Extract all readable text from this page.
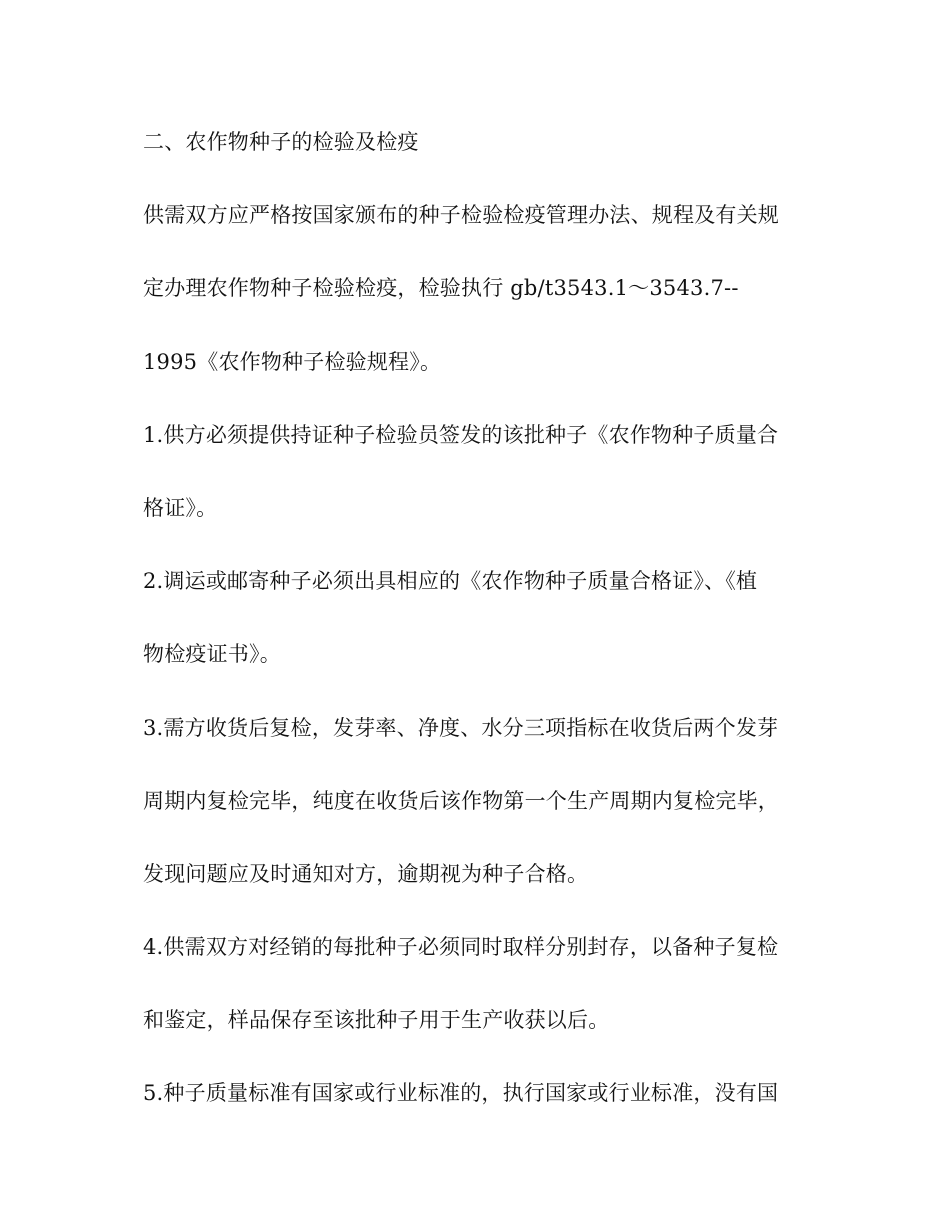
二、农作物种子的检验及检疫
供需双方应严格按国家颁布的种子检验检疫管理办法、规程及有关规
定办理农作物种子检验检疫，检验执行 gb/t3543.1～3543.7--
1995《农作物种子检验规程》。
1.供方必须提供持证种子检验员签发的该批种子《农作物种子质量合
格证》。
2.调运或邮寄种子必须出具相应的《农作物种子质量合格证》、《植
物检疫证书》。
3.需方收货后复检，发芽率、净度、水分三项指标在收货后两个发芽
周期内复检完毕，纯度在收货后该作物第一个生产周期内复检完毕，
发现问题应及时通知对方，逾期视为种子合格。
4.供需双方对经销的每批种子必须同时取样分别封存，以备种子复检
和鉴定，样品保存至该批种子用于生产收获以后。
5.种子质量标准有国家或行业标准的，执行国家或行业标准，没有国
